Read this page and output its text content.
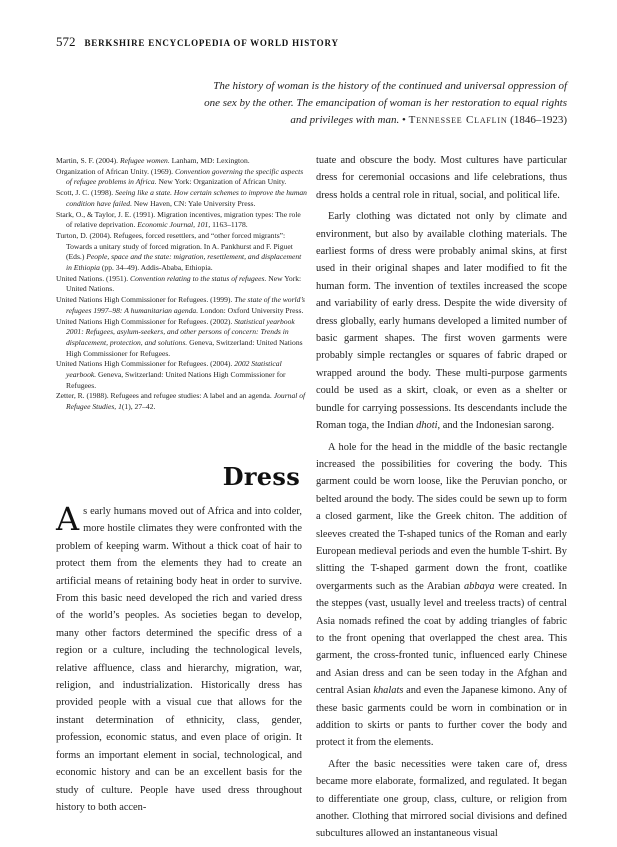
572 BERKSHIRE ENCYCLOPEDIA OF WORLD HISTORY
The history of woman is the history of the continued and universal oppression of one sex by the other. The emancipation of woman is her restoration to equal rights and privileges with man. • Tennessee Claflin (1846–1923)

Martin, S. F. (2004). Refugee women. Lanham, MD: Lexington.

Organization of African Unity. (1969). Convention governing the specific aspects of refugee problems in Africa. New York: Organization of African Unity.

Scott, J. C. (1998). Seeing like a state. How certain schemes to improve the human condition have failed. New Haven, CN: Yale University Press.

Stark, O., & Taylor, J. E. (1991). Migration incentives, migration types: The role of relative deprivation. Economic Journal, 101, 1163–1178.

Turton, D. (2004). Refugees, forced resettlers, and “other forced migrants”: Towards a unitary study of forced migration. In A. Pankhurst and F. Piguet (Eds.) People, space and the state: migration, resettlement, and displacement in Ethiopia (pp. 34–49). Addis-Ababa, Ethiopia.

United Nations. (1951). Convention relating to the status of refugees. New York: United Nations.

United Nations High Commissioner for Refugees. (1999). The state of the world’s refugees 1997–98: A humanitarian agenda. London: Oxford University Press.

United Nations High Commissioner for Refugees. (2002). Statistical yearbook 2001: Refugees, asylum-seekers, and other persons of concern: Trends in displacement, protection, and solutions. Geneva, Switzerland: United Nations High Commissioner for Refugees.

United Nations High Commissioner for Refugees. (2004). 2002 Statistical yearbook. Geneva, Switzerland: United Nations High Commissioner for Refugees.

Zetter, R. (1988). Refugees and refugee studies: A label and an agenda. Journal of Refugee Studies, 1(1), 27–42.

Dress
As early humans moved out of Africa and into colder, more hostile climates they were confronted with the problem of keeping warm. Without a thick coat of hair to protect them from the elements they had to create an artificial means of retaining body heat in order to survive. From this basic need developed the rich and varied dress of the world’s peoples. As societies began to develop, many other factors determined the specific dress of a region or a culture, including the technological levels, relative affluence, class and hierarchy, migration, war, religion, and industrialization. Historically dress has provided people with a visual cue that allows for the instant determination of ethnicity, class, gender, profession, economic status, and even place of origin. It forms an important element in social, technological, and economic history and can be an excellent basis for the study of culture. People have used dress throughout history to both accen-

tuate and obscure the body. Most cultures have particular dress for ceremonial occasions and life celebrations, thus dress holds a central role in ritual, social, and political life.

Early clothing was dictated not only by climate and environment, but also by available clothing materials. The earliest forms of dress were probably animal skins, at first used in their original shapes and later modified to fit the human form. The invention of textiles increased the scope and variability of early dress. Despite the wide diversity of dress globally, early humans developed a limited number of basic garment shapes. The first woven garments were probably simple rectangles or squares of fabric draped or wrapped around the body. These multi-purpose garments could be used as a skirt, cloak, or even as a shelter or bundle for carrying possessions. Its descendants include the Roman toga, the Indian dhoti, and the Indonesian sarong.

A hole for the head in the middle of the basic rectangle increased the possibilities for covering the body. This garment could be worn loose, like the Peruvian poncho, or belted around the body. The sides could be sewn up to form a closed garment, like the Greek chiton. The addition of sleeves created the T-shaped tunics of the Roman and early European medieval periods and even the humble T-shirt. By slitting the T-shaped garment down the front, coatlike overgarments such as the Arabian abbaya were created. In the steppes (vast, usually level and treeless tracts) of central Asia nomads refined the coat by adding triangles of fabric to the front opening that overlapped the chest area. This garment, the cross-fronted tunic, influenced early Chinese and Asian dress and can be seen today in the Afghan and central Asian khalats and even the Japanese kimono. Any of these basic garments could be worn in combination or in addition to skirts or pants to further cover the body and protect it from the elements.

After the basic necessities were taken care of, dress became more elaborate, formalized, and regulated. It began to differentiate one group, class, culture, or religion from another. Clothing that mirrored social divisions and defined subcultures allowed an instantaneous visual
